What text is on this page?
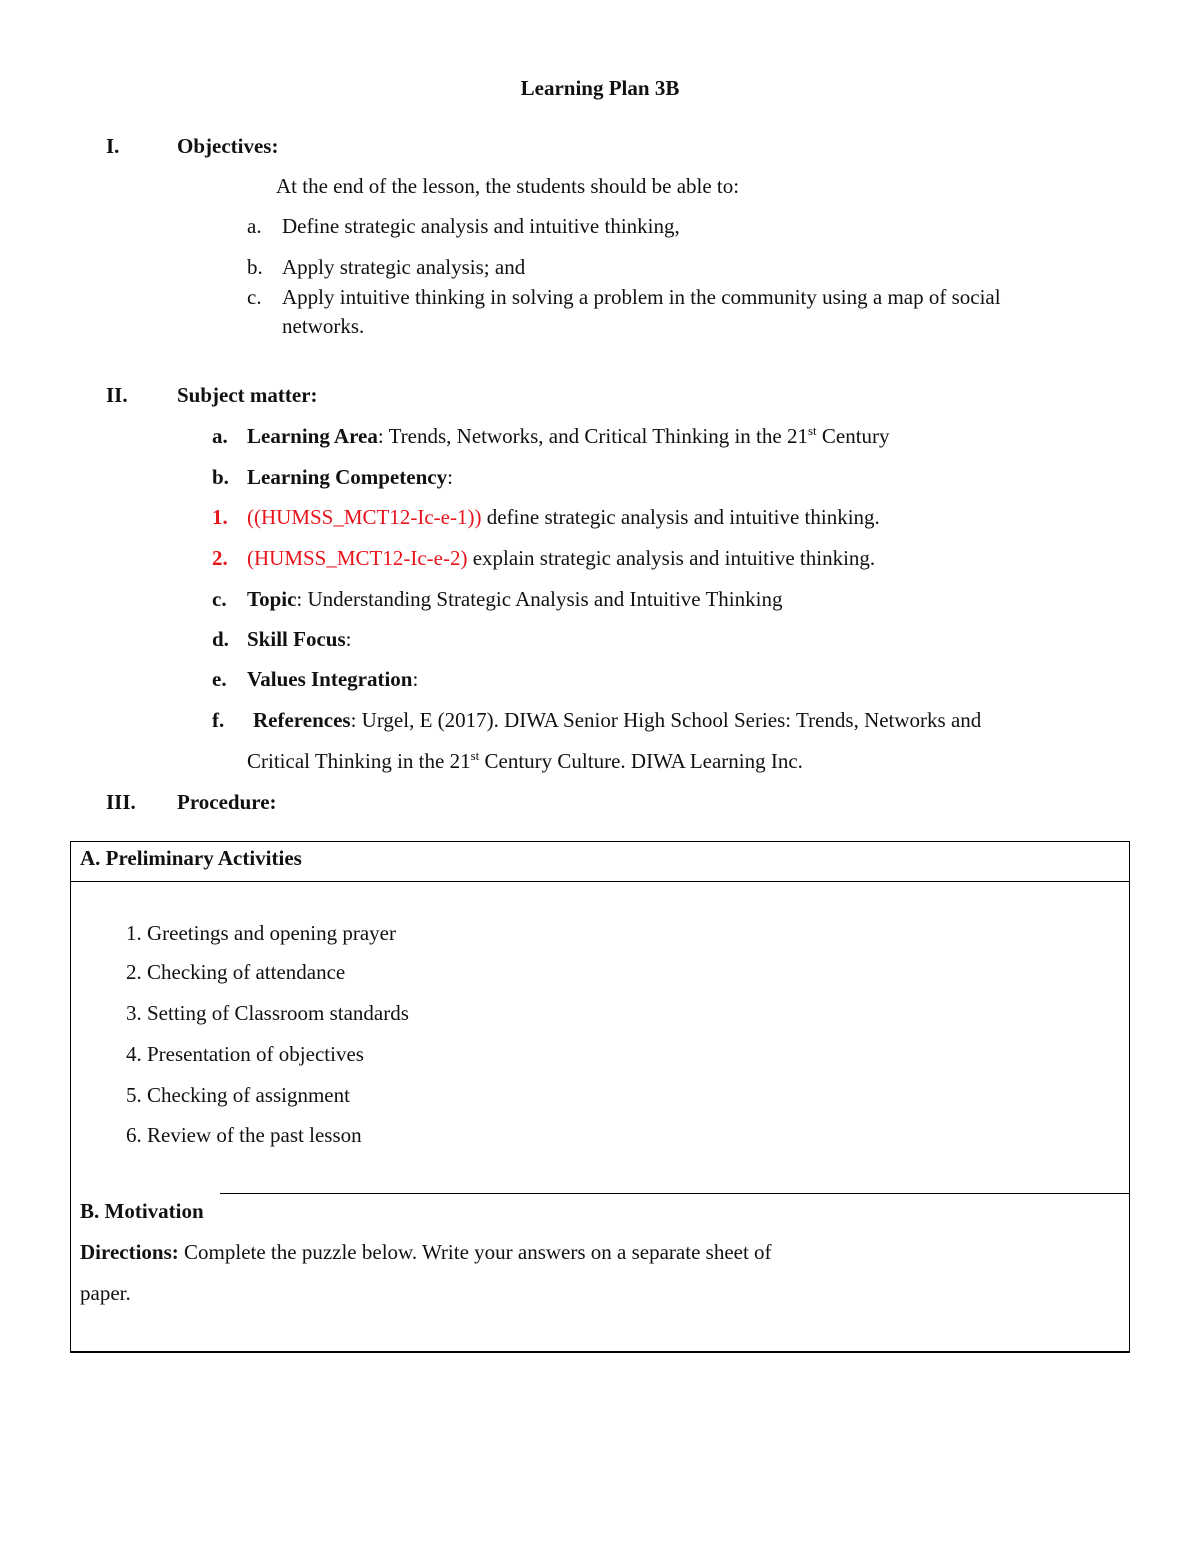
Learning Plan 3B
I.	Objectives:
At the end of the lesson, the students should be able to:
a. Define strategic analysis and intuitive thinking,
b. Apply strategic analysis; and
c. Apply intuitive thinking in solving a problem in the community using a map of social
networks.
II. Subject matter:
a. Learning Area: Trends, Networks, and Critical Thinking in the 21st Century
b. Learning Competency:
1. ((HUMSS_MCT12-Ic-e-1)) define strategic analysis and intuitive thinking.
2. (HUMSS_MCT12-Ic-e-2) explain strategic analysis and intuitive thinking.
c. Topic: Understanding Strategic Analysis and Intuitive Thinking
d. Skill Focus:
e. Values Integration:
f. References: Urgel, E (2017). DIWA Senior High School Series: Trends, Networks and
Critical Thinking in the 21st Century Culture. DIWA Learning Inc.
III. Procedure:
A. Preliminary Activities
1. Greetings and opening prayer
2. Checking of attendance
3. Setting of Classroom standards
4. Presentation of objectives
5. Checking of assignment
6. Review of the past lesson
B. Motivation
Directions: Complete the puzzle below. Write your answers on a separate sheet of
paper.
